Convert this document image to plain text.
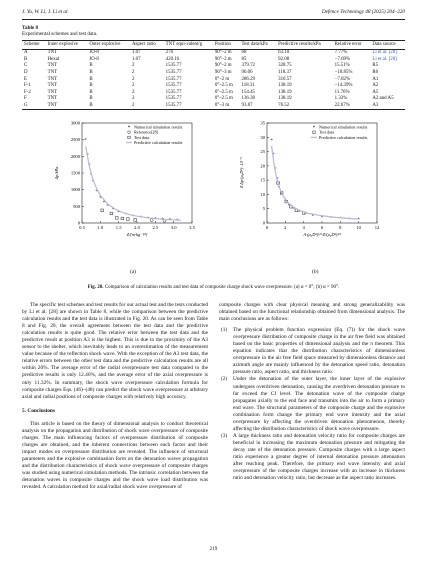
J. Yu, W. Li, J. Li et al.	Defence Technology 48 (2025) 204–220
Table 8
Experimental schemes and test data.
Scheme	Inner explosive	Outer explosive	Aspect ratio	TNT equi-valent/g	Position	Test data/kPa	Predictive results/kPa	Relative error	Data source
A	TNT	JO-8	1.07	276	90°–2 m	68	63.10	7.77%	Li et al. [28]
B	Hexal	JO-8	1.07	420.16	90°–2 m	85	92.08	−7.69%	Li et al. [28]
C	TNT	B	2	1535.77	90°–2 m	379.72	328.75	15.51%	R5
D	TNT	B	2	1535.77	90°–3 m	96.06	118.37	−18.85%	R6
E	TNT	B	2	1535.77	0°–2 m	286.29	310.57	−7.82%	A1
F-1	TNT	B	2	1535.77	0°–2.5 m	118.31	138.19	−14.39%	A2
F-2	TNT	B	2	1535.77	0°–2.5 m	154.45	138.19	11.76%	A5
F	TNT	B	2	1535.77	0°–2.5 m	136.38	138.19	1.33%	A2 and A5
G	TNT	B	2	1535.77	0°–3 m	93.87	76.52	22.67%	A3
0.5	1.0	1.5	2.0	2.5	3.0	3.5
0
500
1000
1500
2000
2500
3000
Z/(m·kg⁻¹⁄³)
Δp/kPa
*
*
*
*
*
*
*
*
*
*
* * * * * * * * *
* Numerical simulation results
Reference[28]
Test data
Predictive calculation results
0	2	4	6	8	10	12
0
5
10
15
20
25
30
35
A·(ρ₀D²)¹⁄³·Z/(ρ₀D²)¹⁄³
Z·Δp/(ρ₀D²)· 10⁻³
*
*
*
*
*
*
*
*
*
* * * * * * * *
* Numerical simulation results
Test data
Predictive calculation results
(a)	(b)
Fig. 20. Comparison of calculation results and test data of composite charge shock wave overpressure. (a) α = 0°; (b) α = 90°.

The specific test schemes and test results for our actual test and the tests conducted by Li et al. [28] are shown in Table 8, while the comparison between the predictive calculation results and the test data is illustrated in Fig. 20. As can be seen from Table 8 and Fig. 20, the overall agreement between the test data and the predictive calculation results is quite good. The relative error between the test data and the predictive result at position A3 is the highest. This is due to the proximity of the A3 sensor to the shelter, which inevitably leads to an overestimation of the measurement value because of the reflection shock wave. With the exception of the A3 test data, the relative errors between the other test data and the predictive calculation results are all within 20%. The average error of the radial overpressure test data compared to the predictive results is only 12.46%, and the average error of the axial overpressure is only 11.32%. In summary, the shock wave overpressure calculation formula for composite charges Eqs. (46)–(48) can predict the shock wave overpressure at arbitrary axial and radial positions of composite charges with relatively high accuracy.

5. Conclusions

This article is based on the theory of dimensional analysis to conduct theoretical analysis on the propagation and distribution of shock wave overpressure of composite charges. The main influencing factors of overpressure distribution of composite charges are obtained, and the inherent connections between each factor and their impact modes on overpressure distribution are revealed. The influence of structural parameters and the explosive combination form on the detonation waves propagation and the distribution characteristics of shock wave overpressure of composite charges was studied using numerical simulation methods. The intrinsic correlation between the detonation waves in composite charges and the shock wave load distribution was revealed. A calculation method for axial/radial shock wave overpressure of

composite charges with clear physical meaning and strong generalizability was obtained based on the functional relationship obtained from dimensional analysis. The main conclusions are as follows:

(1) The physical problem function expression (Eq. (7)) for the shock wave overpressure distribution of composite charge in the air free field was obtained based on the basic properties of dimensional analysis and the π theorem. This equation indicates that the distribution characteristics of dimensionless overpressure in the air free field space measured by dimensionless distance and azimuth angle are mainly influenced by the detonation speed ratio, detonation pressure ratio, aspect ratio, and thickness ratio.

(2) Under the detonation of the outer layer, the inner layer of the explosive undergoes overdriven detonation, causing the overdriven detonation pressure to far exceed the CJ level. The detonation wave of the composite charge propagates axially to the end face and transmits into the air to form a primary end wave. The structural parameters of the composite charge and the explosive combination form change the primary end wave intensity and the axial overpressure by affecting the overdriven detonation phenomenon, thereby affecting the distribution characteristics of shock wave overpressure.

(3) A large thickness ratio and detonation velocity ratio for composite charges are beneficial in increasing the maximum detonation pressure and mitigating the decay rate of the detonation pressure. Composite charges with a large aspect ratio experience a greater degree of internal detonation pressure attenuation after reaching peak. Therefore, the primary end wave intensity and axial overpressure of the composite charges increase with an increase in thickness ratio and detonation velocity ratio, but decrease as the aspect ratio increases.

219
